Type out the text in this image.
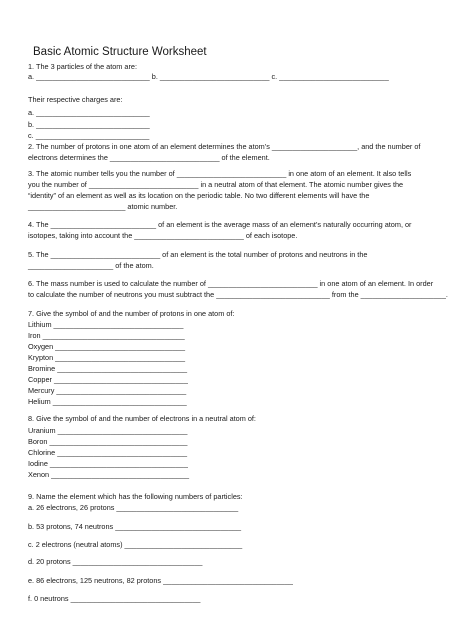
Basic Atomic Structure Worksheet
1. The 3 particles of the atom are:
a. ____________________________ b. ___________________________ c. ___________________________
Their respective charges are:
a. ____________________________
b. ____________________________
c. ____________________________
2. The number of protons in one atom of an element determines the atom’s _____________________, and the number of
electrons determines the ___________________________ of the element.
3. The atomic number tells you the number of ___________________________ in one atom of an element. It also tells
you the number of ___________________________ in a neutral atom of that element. The atomic number gives the
“identity” of an element as well as its location on the periodic table. No two different elements will have the
________________________ atomic number.
4. The __________________________ of an element is the average mass of an element’s naturally occurring atom, or
isotopes, taking into account the ___________________________ of each isotope.
5. The ___________________________ of an element is the total number of protons and neutrons in the
_____________________ of the atom.
6. The mass number is used to calculate the number of ___________________________ in one atom of an element. In order
to calculate the number of neutrons you must subtract the ____________________________ from the _____________________.
7. Give the symbol of and the number of protons in one atom of:
Lithium ________________________________
Iron ___________________________________
Oxygen ________________________________
Krypton ________________________________
Bromine ________________________________
Copper _________________________________
Mercury ________________________________
Helium _________________________________
8. Give the symbol of and the number of electrons in a neutral atom of:
Uranium ________________________________
Boron __________________________________
Chlorine ________________________________
Iodine __________________________________
Xenon __________________________________
9. Name the element which has the following numbers of particles:
a. 26 electrons, 26 protons ______________________________
b. 53 protons, 74 neutrons _______________________________
c. 2 electrons (neutral atoms) _____________________________
d. 20 protons ________________________________
e. 86 electrons, 125 neutrons, 82 protons ________________________________
f. 0 neutrons ________________________________
